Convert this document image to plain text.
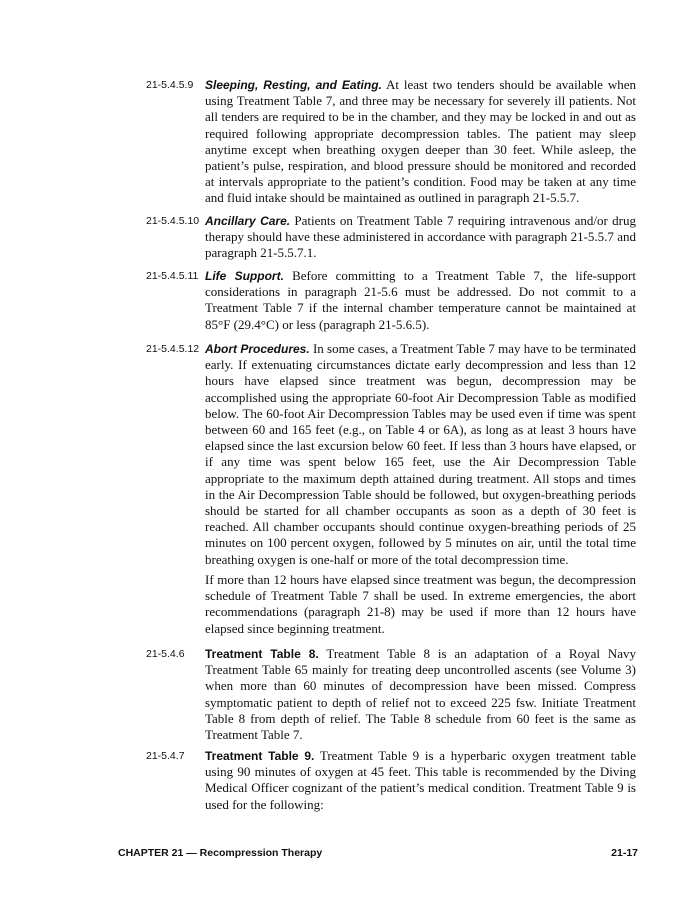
21-5.4.5.9 Sleeping, Resting, and Eating. At least two tenders should be available when using Treatment Table 7, and three may be necessary for severely ill patients. Not all tenders are required to be in the chamber, and they may be locked in and out as required following appropriate decompression tables. The patient may sleep anytime except when breathing oxygen deeper than 30 feet. While asleep, the patient’s pulse, respiration, and blood pressure should be monitored and recorded at intervals appropriate to the patient’s condition. Food may be taken at any time and fluid intake should be maintained as outlined in paragraph 21-5.5.7.
21-5.4.5.10 Ancillary Care. Patients on Treatment Table 7 requiring intravenous and/or drug therapy should have these administered in accordance with paragraph 21-5.5.7 and paragraph 21-5.5.7.1.
21-5.4.5.11 Life Support. Before committing to a Treatment Table 7, the life-support considerations in paragraph 21-5.6 must be addressed. Do not commit to a Treatment Table 7 if the internal chamber temperature cannot be maintained at 85°F (29.4°C) or less (paragraph 21-5.6.5).
21-5.4.5.12 Abort Procedures. In some cases, a Treatment Table 7 may have to be terminated early. If extenuating circumstances dictate early decompression and less than 12 hours have elapsed since treatment was begun, decompression may be accomplished using the appropriate 60-foot Air Decompression Table as modified below. The 60-foot Air Decompression Tables may be used even if time was spent between 60 and 165 feet (e.g., on Table 4 or 6A), as long as at least 3 hours have elapsed since the last excursion below 60 feet. If less than 3 hours have elapsed, or if any time was spent below 165 feet, use the Air Decompression Table appropriate to the maximum depth attained during treatment. All stops and times in the Air Decompression Table should be followed, but oxygen-breathing periods should be started for all chamber occupants as soon as a depth of 30 feet is reached. All chamber occupants should continue oxygen-breathing periods of 25 minutes on 100 percent oxygen, followed by 5 minutes on air, until the total time breathing oxygen is one-half or more of the total decompression time.
If more than 12 hours have elapsed since treatment was begun, the decompression schedule of Treatment Table 7 shall be used. In extreme emergencies, the abort recommendations (paragraph 21-8) may be used if more than 12 hours have elapsed since beginning treatment.
21-5.4.6	Treatment Table 8. Treatment Table 8 is an adaptation of a Royal Navy Treatment Table 65 mainly for treating deep uncontrolled ascents (see Volume 3) when more than 60 minutes of decompression have been missed. Compress symptomatic patient to depth of relief not to exceed 225 fsw. Initiate Treatment Table 8 from depth of relief. The Table 8 schedule from 60 feet is the same as Treatment Table 7.
21-5.4.7	Treatment Table 9. Treatment Table 9 is a hyperbaric oxygen treatment table using 90 minutes of oxygen at 45 feet. This table is recommended by the Diving Medical Officer cognizant of the patient’s medical condition. Treatment Table 9 is used for the following:
CHAPTER 21 — Recompression Therapy	21-17
